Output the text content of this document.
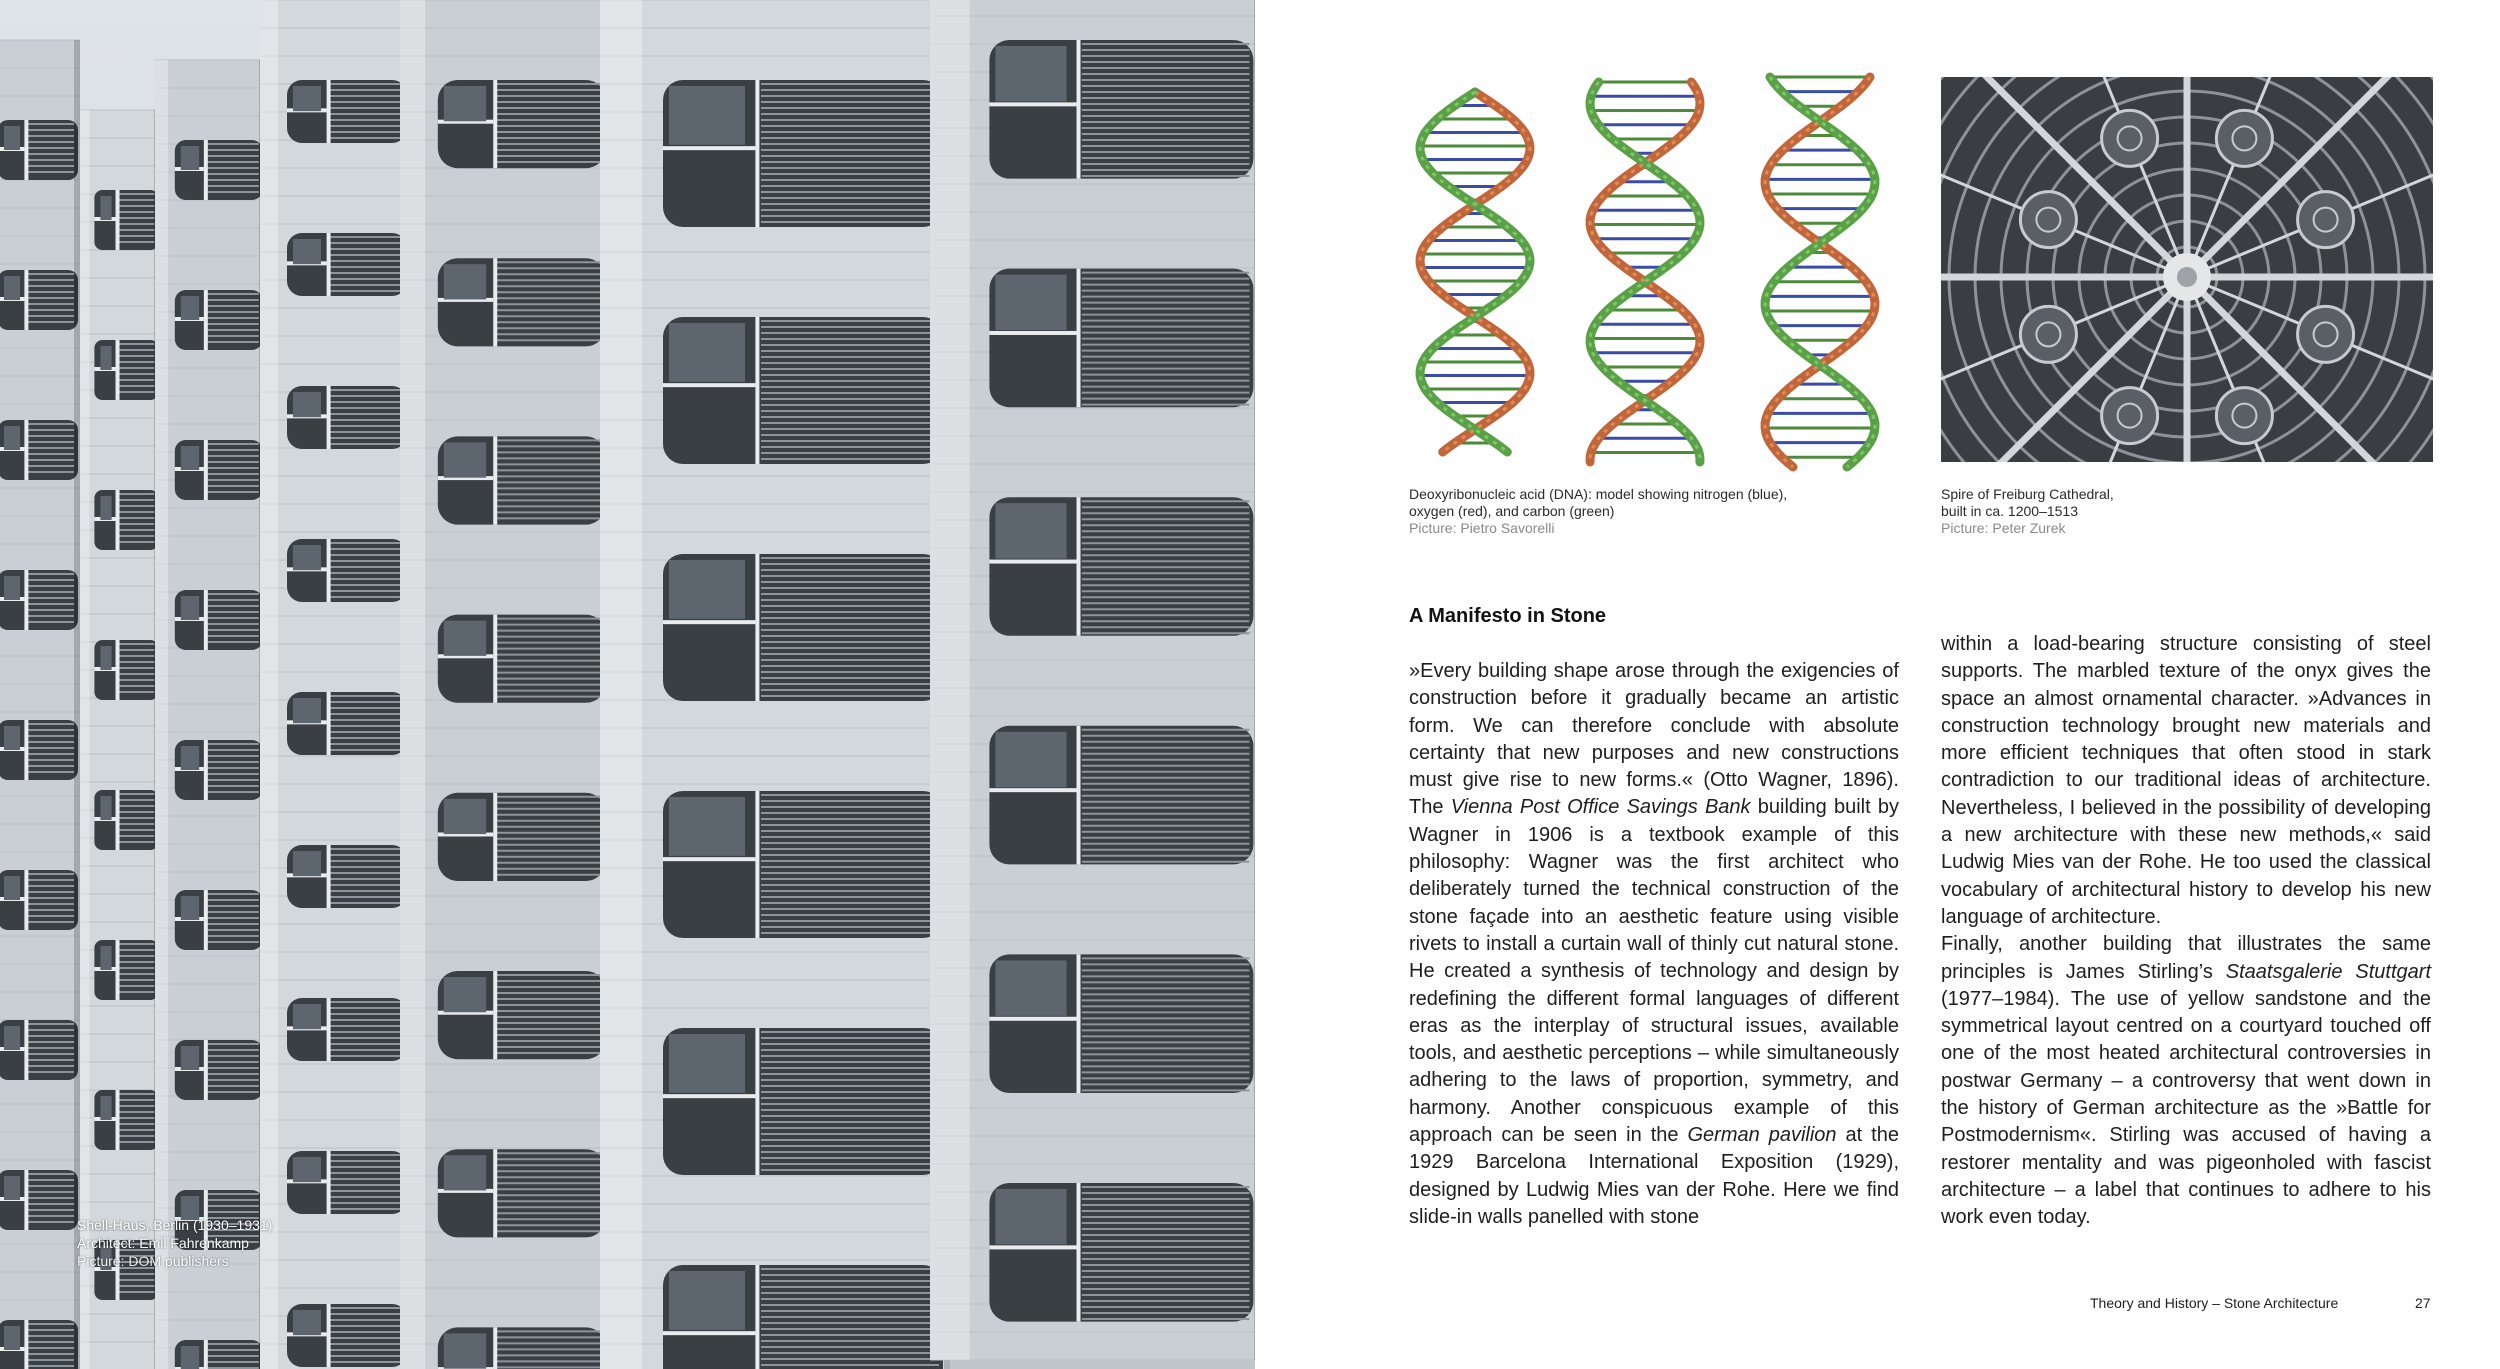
Shell-Haus, Berlin (1930–1931)
Architect: Emil Fahrenkamp
Picture: DOM publishers
Deoxyribonucleic acid (DNA): model showing nitrogen (blue),
oxygen (red), and carbon (green)
Picture: Pietro Savorelli
Spire of Freiburg Cathedral,
built in ca. 1200–1513
Picture: Peter Zurek
A Manifesto in Stone

»Every building shape arose through the exigencies of construction before it gradually became an artistic form. We can therefore conclude with absolute certainty that new purposes and new constructions must give rise to new forms.« (Otto Wagner, 1896). The Vienna Post Office Savings Bank building built by Wagner in 1906 is a textbook example of this philosophy: Wagner was the first architect who deliberately turned the technical construction of the stone façade into an aesthetic feature using visible rivets to install a curtain wall of thinly cut natural stone. He created a synthesis of technology and design by redefining the different formal languages of different eras as the interplay of structural issues, available tools, and aesthetic perceptions – while simultaneously adhering to the laws of proportion, symmetry, and harmony. Another conspicuous example of this approach can be seen in the German pavilion at the 1929 Barcelona International Exposition (1929), designed by Ludwig Mies van der Rohe. Here we find slide-in walls panelled with stone

within a load-bearing structure consisting of steel supports. The marbled texture of the onyx gives the space an almost ornamental character. »Advances in construction technology brought new materials and more efficient techniques that often stood in stark contradiction to our traditional ideas of architecture. Nevertheless, I believed in the possibility of developing a new architecture with these new methods,« said Ludwig Mies van der Rohe. He too used the classical vocabulary of architectural history to develop his new language of architecture.

Finally, another building that illustrates the same principles is James Stirling’s Staatsgalerie Stuttgart (1977–1984). The use of yellow sandstone and the symmetrical layout centred on a courtyard touched off one of the most heated architectural controversies in postwar Germany – a controversy that went down in the history of German architecture as the »Battle for Postmodernism«. Stirling was accused of having a restorer mentality and was pigeonholed with fascist architecture – a label that continues to adhere to his work even today.

Theory and History – Stone Architecture	27
